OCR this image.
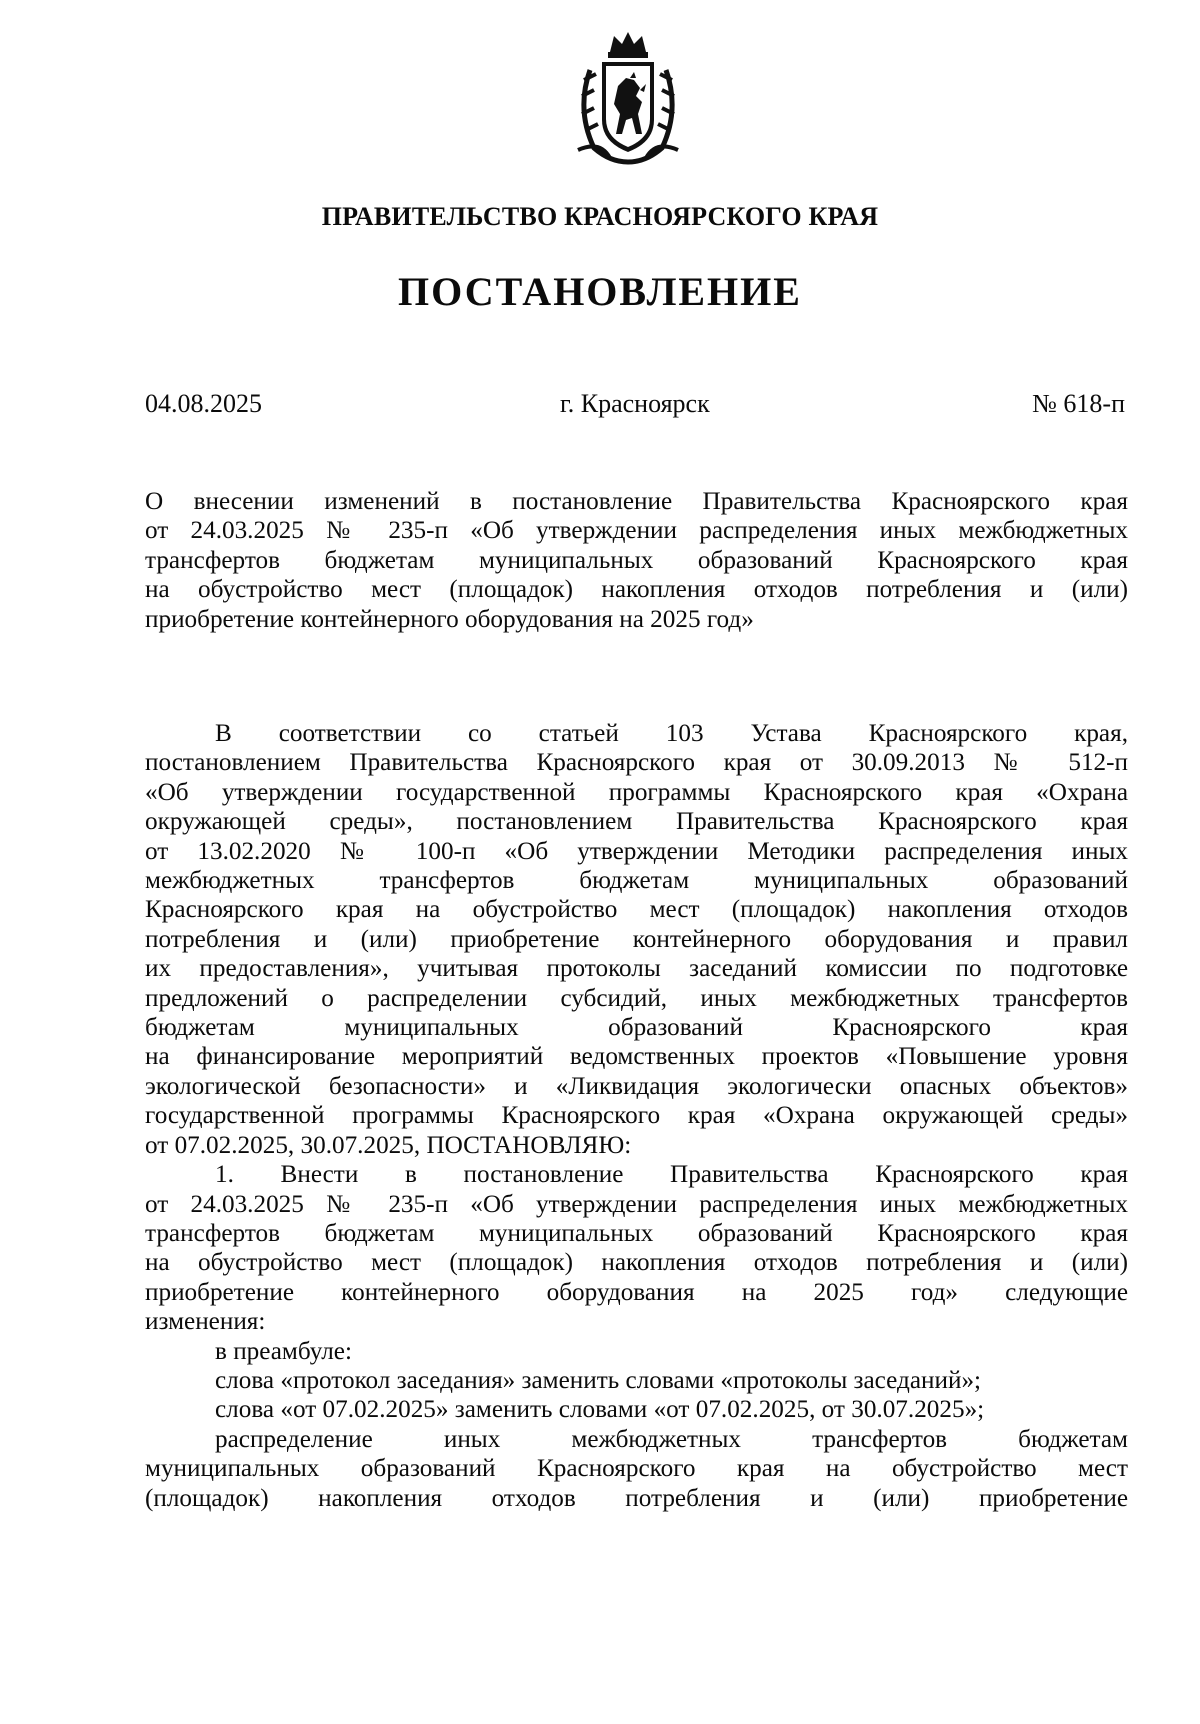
ПРАВИТЕЛЬСТВО КРАСНОЯРСКОГО КРАЯ
ПОСТАНОВЛЕНИЕ
04.08.2025	г. Красноярск	№ 618-п
О внесении изменений в постановление Правительства Красноярского края
от 24.03.2025 № 235-п «Об утверждении распределения иных межбюджетных
трансфертов бюджетам муниципальных образований Красноярского края
на обустройство мест (площадок) накопления отходов потребления и (или)
приобретение контейнерного оборудования на 2025 год»
В соответствии со статьей 103 Устава Красноярского края,
постановлением Правительства Красноярского края от 30.09.2013 № 512-п
«Об утверждении государственной программы Красноярского края «Охрана
окружающей среды», постановлением Правительства Красноярского края
от 13.02.2020 № 100-п «Об утверждении Методики распределения иных
межбюджетных трансфертов бюджетам муниципальных образований
Красноярского края на обустройство мест (площадок) накопления отходов
потребления и (или) приобретение контейнерного оборудования и правил
их предоставления», учитывая протоколы заседаний комиссии по подготовке
предложений о распределении субсидий, иных межбюджетных трансфертов
бюджетам муниципальных образований Красноярского края
на финансирование мероприятий ведомственных проектов «Повышение уровня
экологической безопасности» и «Ликвидация экологически опасных объектов»
государственной программы Красноярского края «Охрана окружающей среды»
от 07.02.2025, 30.07.2025, ПОСТАНОВЛЯЮ:
1. Внести в постановление Правительства Красноярского края
от 24.03.2025 № 235-п «Об утверждении распределения иных межбюджетных
трансфертов бюджетам муниципальных образований Красноярского края
на обустройство мест (площадок) накопления отходов потребления и (или)
приобретение контейнерного оборудования на 2025 год» следующие
изменения:
в преамбуле:
слова «протокол заседания» заменить словами «протоколы заседаний»;
слова «от 07.02.2025» заменить словами «от 07.02.2025, от 30.07.2025»;
распределение иных межбюджетных трансфертов бюджетам
муниципальных образований Красноярского края на обустройство мест
(площадок) накопления отходов потребления и (или) приобретение
